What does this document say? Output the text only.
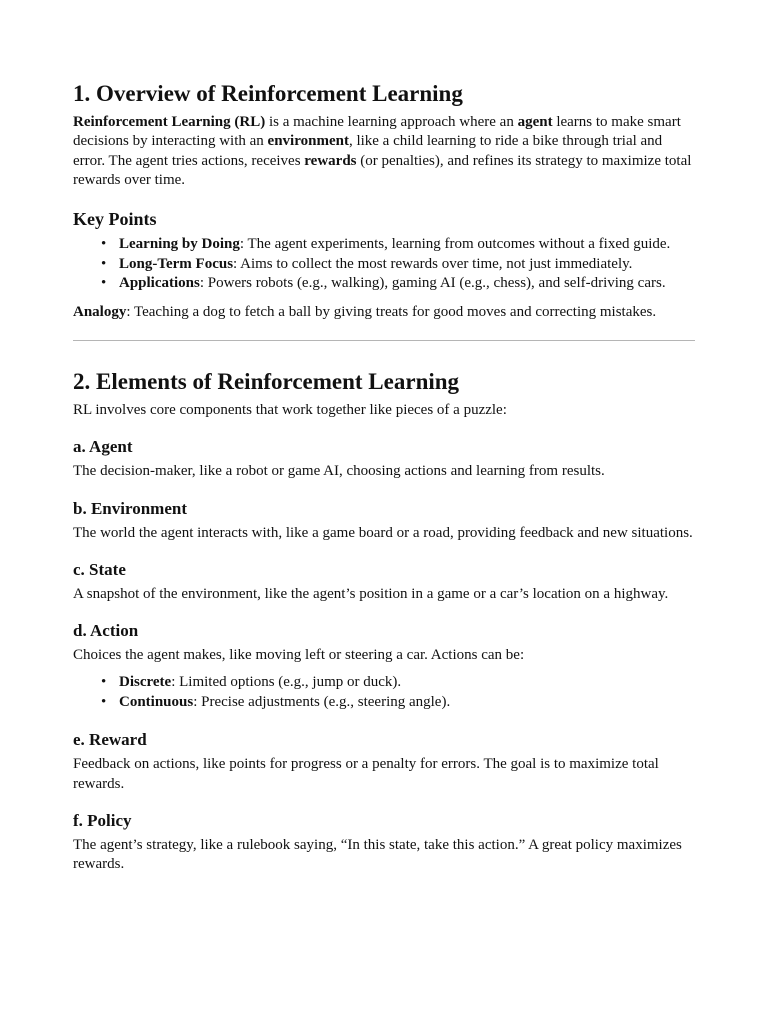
1. Overview of Reinforcement Learning

Reinforcement Learning (RL) is a machine learning approach where an agent learns to make smart decisions by interacting with an environment, like a child learning to ride a bike through trial and error. The agent tries actions, receives rewards (or penalties), and refines its strategy to maximize total rewards over time.

Key Points
• Learning by Doing: The agent experiments, learning from outcomes without a fixed guide.
• Long-Term Focus: Aims to collect the most rewards over time, not just immediately.
• Applications: Powers robots (e.g., walking), gaming AI (e.g., chess), and self-driving cars.

Analogy: Teaching a dog to fetch a ball by giving treats for good moves and correcting mistakes.

2. Elements of Reinforcement Learning

RL involves core components that work together like pieces of a puzzle:

a. Agent

The decision-maker, like a robot or game AI, choosing actions and learning from results.

b. Environment

The world the agent interacts with, like a game board or a road, providing feedback and new situations.

c. State

A snapshot of the environment, like the agent’s position in a game or a car’s location on a highway.

d. Action

Choices the agent makes, like moving left or steering a car. Actions can be:

• Discrete: Limited options (e.g., jump or duck).
• Continuous: Precise adjustments (e.g., steering angle).
e. Reward

Feedback on actions, like points for progress or a penalty for errors. The goal is to maximize total rewards.

f. Policy

The agent’s strategy, like a rulebook saying, “In this state, take this action.” A great policy maximizes rewards.
